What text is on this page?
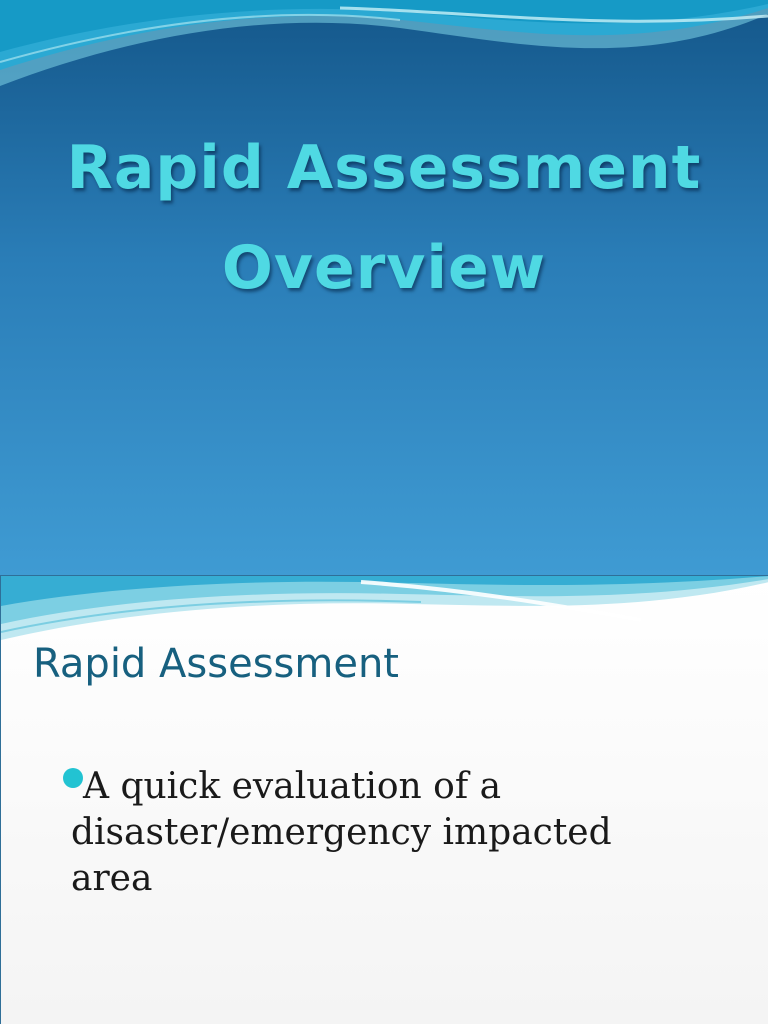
Rapid Assessment
Overview
Rapid Assessment
A quick evaluation of a disaster/emergency impacted area
